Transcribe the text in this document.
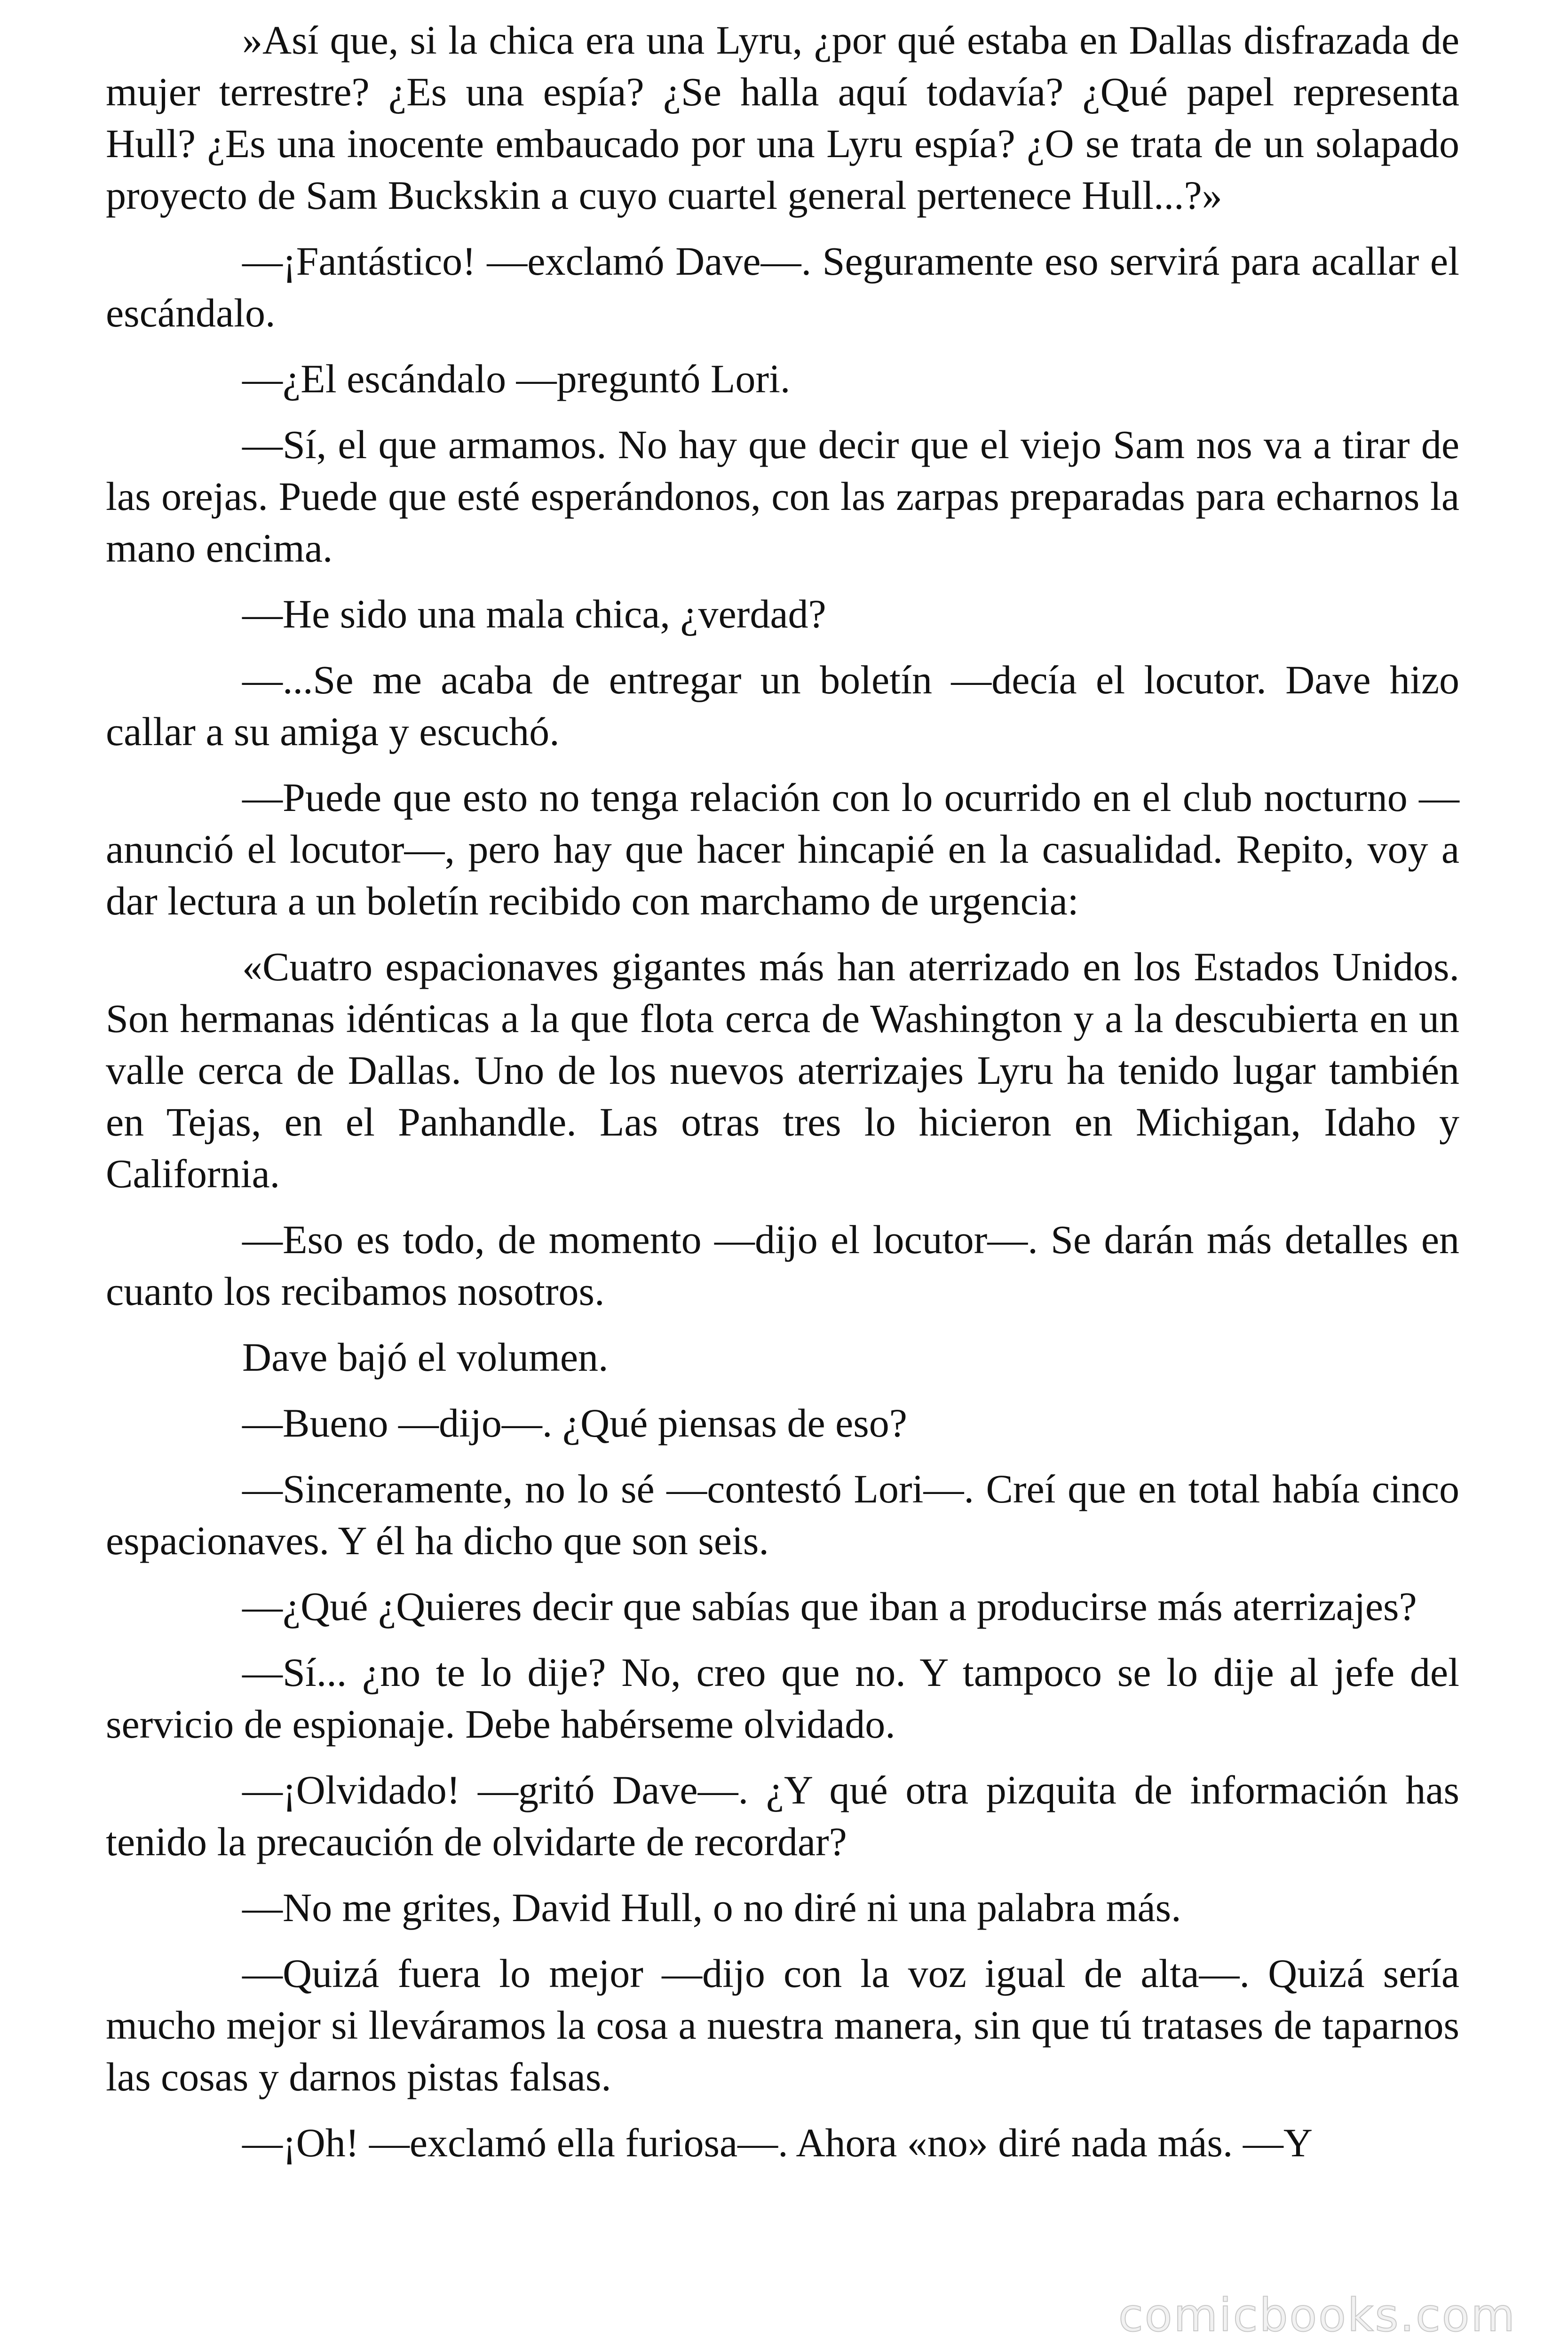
»Así que, si la chica era una Lyru, ¿por qué estaba en Dallas disfrazada de mujer terrestre? ¿Es una espía? ¿Se halla aquí todavía? ¿Qué papel representa Hull? ¿Es una inocente embaucado por una Lyru espía? ¿O se trata de un solapado proyecto de Sam Buckskin a cuyo cuartel general pertenece Hull...?»

—¡Fantástico! —exclamó Dave—. Seguramente eso servirá para acallar el escándalo.

—¿El escándalo —preguntó Lori.

—Sí, el que armamos. No hay que decir que el viejo Sam nos va a tirar de las orejas. Puede que esté esperándonos, con las zarpas preparadas para echarnos la mano encima.

—He sido una mala chica, ¿verdad?

—...Se me acaba de entregar un boletín —decía el locutor. Dave hizo callar a su amiga y escuchó.

—Puede que esto no tenga relación con lo ocurrido en el club nocturno —anunció el locutor—, pero hay que hacer hincapié en la casualidad. Repito, voy a dar lectura a un boletín recibido con marchamo de urgencia:

«Cuatro espacionaves gigantes más han aterrizado en los Estados Unidos. Son hermanas idénticas a la que flota cerca de Washington y a la descubierta en un valle cerca de Dallas. Uno de los nuevos aterrizajes Lyru ha tenido lugar también en Tejas, en el Panhandle. Las otras tres lo hicieron en Michigan, Idaho y California.

—Eso es todo, de momento —dijo el locutor—. Se darán más detalles en cuanto los recibamos nosotros.

Dave bajó el volumen.

—Bueno —dijo—. ¿Qué piensas de eso?

—Sinceramente, no lo sé —contestó Lori—. Creí que en total había cinco espacionaves. Y él ha dicho que son seis.

—¿Qué ¿Quieres decir que sabías que iban a producirse más aterrizajes?

—Sí... ¿no te lo dije? No, creo que no. Y tampoco se lo dije al jefe del servicio de espionaje. Debe habérseme olvidado.

—¡Olvidado! —gritó Dave—. ¿Y qué otra pizquita de información has tenido la precaución de olvidarte de recordar?

—No me grites, David Hull, o no diré ni una palabra más.

—Quizá fuera lo mejor —dijo con la voz igual de alta—. Quizá sería mucho mejor si lleváramos la cosa a nuestra manera, sin que tú tratases de taparnos las cosas y darnos pistas falsas.

—¡Oh! —exclamó ella furiosa—. Ahora «no» diré nada más. —Y

comicbooks.com
